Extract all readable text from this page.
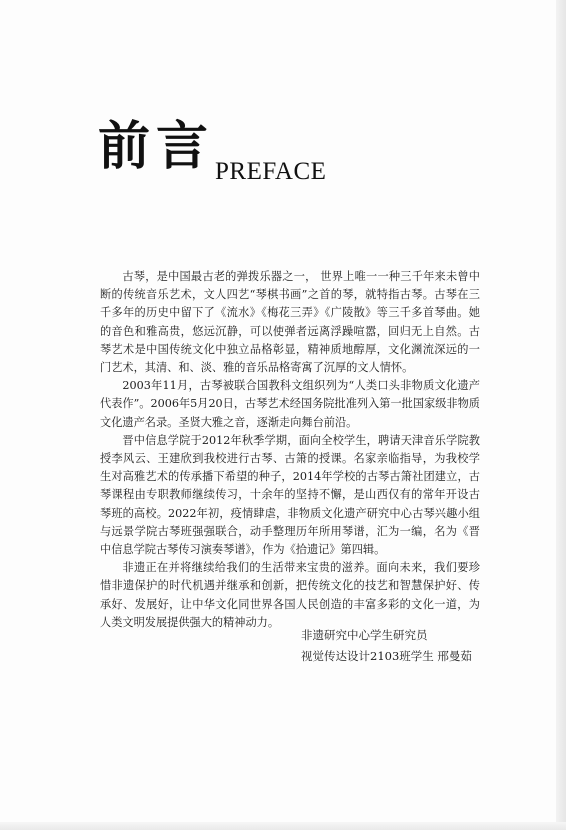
前言 PREFACE

古琴，是中国最古老的弹拨乐器之一， 世界上唯一一种三千年来未曾中断的传统音乐艺术，文人四艺“琴棋书画”之首的琴，就特指古琴。古琴在三千多年的历史中留下了《流水》《梅花三弄》《广陵散》等三千多首琴曲。她的音色和雅高贵，悠远沉静，可以使弹者远离浮躁喧嚣，回归无上自然。古琴艺术是中国传统文化中独立品格彰显，精神质地醇厚，文化渊流深远的一门艺术，其清、和、淡、雅的音乐品格寄寓了沉厚的文人情怀。

2003年11月，古琴被联合国教科文组织列为“人类口头非物质文化遗产代表作”。2006年5月20日，古琴艺术经国务院批准列入第一批国家级非物质文化遗产名录。圣贤大雅之音，逐渐走向舞台前沿。

晋中信息学院于2012年秋季学期，面向全校学生，聘请天津音乐学院教授李风云、王建欣到我校进行古琴、古箫的授课。名家亲临指导，为我校学生对高雅艺术的传承播下希望的种子，2014年学校的古琴古箫社团建立，古琴课程由专职教师继续传习，十余年的坚持不懈，是山西仅有的常年开设古琴班的高校。2022年初，疫情肆虐，非物质文化遗产研究中心古琴兴趣小组与远景学院古琴班强强联合，动手整理历年所用琴谱，汇为一编，名为《晋中信息学院古琴传习演奏琴谱》，作为《拾遗记》第四辑。

非遗正在并将继续给我们的生活带来宝贵的滋养。面向未来，我们要珍惜非遗保护的时代机遇并继承和创新，把传统文化的技艺和智慧保护好、传承好、发展好，让中华文化同世界各国人民创造的丰富多彩的文化一道，为人类文明发展提供强大的精神动力。

非遗研究中心学生研究员
视觉传达设计2103班学生 邢曼茹
